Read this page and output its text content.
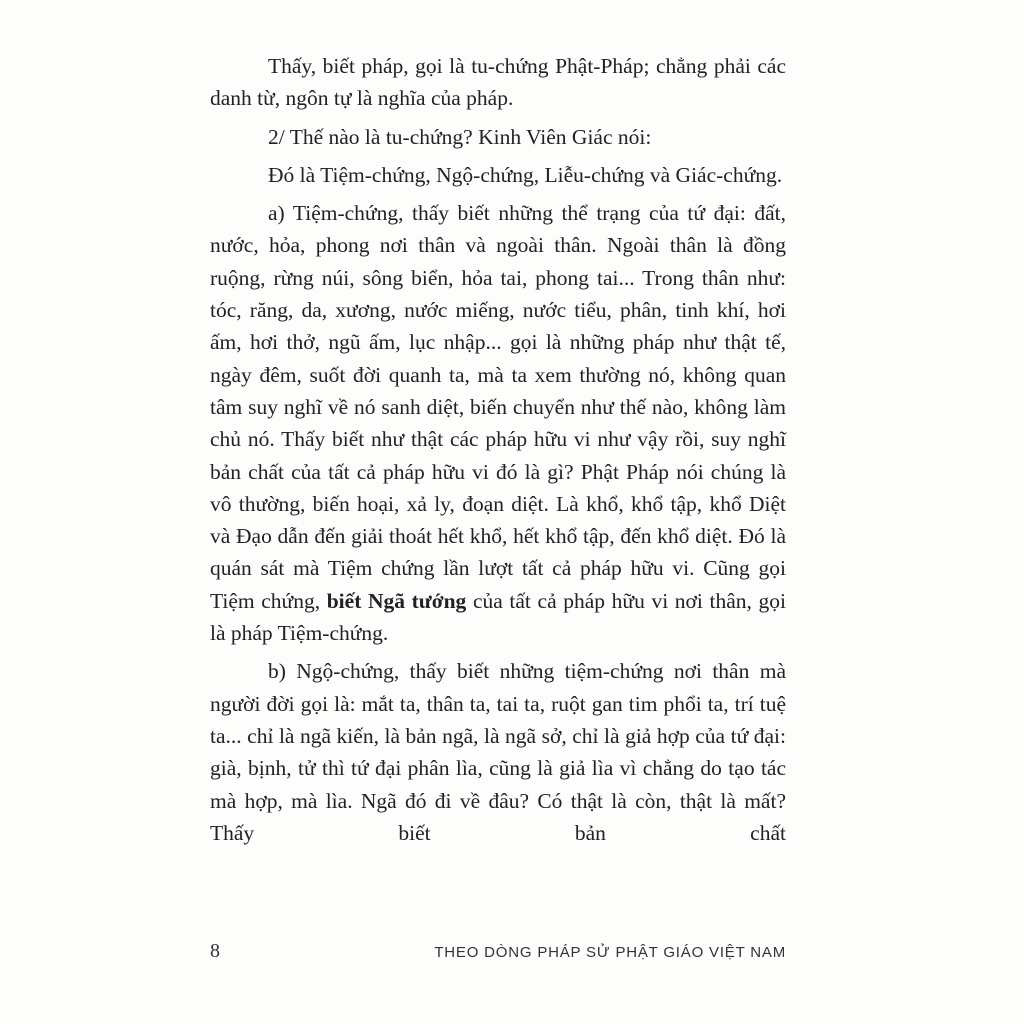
Thấy, biết pháp, gọi là tu-chứng Phật-Pháp; chẳng phải các danh từ, ngôn tự là nghĩa của pháp.

2/ Thế nào là tu-chứng? Kinh Viên Giác nói:

Đó là Tiệm-chứng, Ngộ-chứng, Liễu-chứng và Giác-chứng.

a) Tiệm-chứng, thấy biết những thể trạng của tứ đại: đất, nước, hỏa, phong nơi thân và ngoài thân. Ngoài thân là đồng ruộng, rừng núi, sông biển, hỏa tai, phong tai... Trong thân như: tóc, răng, da, xương, nước miếng, nước tiểu, phân, tinh khí, hơi ấm, hơi thở, ngũ ấm, lục nhập... gọi là những pháp như thật tế, ngày đêm, suốt đời quanh ta, mà ta xem thường nó, không quan tâm suy nghĩ về nó sanh diệt, biến chuyển như thế nào, không làm chủ nó. Thấy biết như thật các pháp hữu vi như vậy rồi, suy nghĩ bản chất của tất cả pháp hữu vi đó là gì? Phật Pháp nói chúng là vô thường, biến hoại, xả ly, đoạn diệt. Là khổ, khổ tập, khổ Diệt và Đạo dẫn đến giải thoát hết khổ, hết khổ tập, đến khổ diệt. Đó là quán sát mà Tiệm chứng lần lượt tất cả pháp hữu vi. Cũng gọi Tiệm chứng, biết Ngã tướng của tất cả pháp hữu vi nơi thân, gọi là pháp Tiệm-chứng.

b) Ngộ-chứng, thấy biết những tiệm-chứng nơi thân mà người đời gọi là: mắt ta, thân ta, tai ta, ruột gan tim phổi ta, trí tuệ ta... chỉ là ngã kiến, là bản ngã, là ngã sở, chỉ là giả hợp của tứ đại: già, bịnh, tử thì tứ đại phân lìa, cũng là giả lìa vì chẳng do tạo tác mà hợp, mà lìa. Ngã đó đi về đâu? Có thật là còn, thật là mất? Thấy biết bản chất

8	THEO DÒNG PHÁP SỬ PHẬT GIÁO VIỆT NAM
